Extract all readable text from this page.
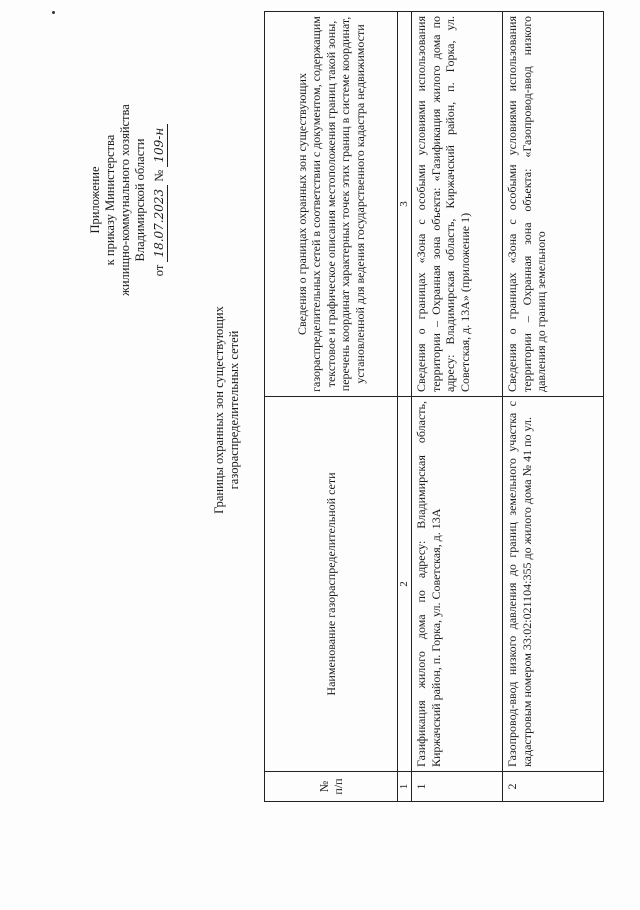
Приложение к приказу Министерства жилищно-коммунального хозяйства Владимирской области
от 18.07.2023 № 109-н
Границы охранных зон существующих газораспределительных сетей
№ п/п	Наименование газораспределительной сети	Сведения о границах охранных зон существующих газораспределительных сетей в соответствии с документом, содержащим текстовое и графическое описания местоположения границ такой зоны, перечень координат характерных точек этих границ в системе координат, установленной для ведения государственного кадастра недвижимости
1	2	3
1	Газификация жилого дома по адресу: Владимирская область, Киржачский район, п. Горка, ул. Советская, д. 13А	Сведения о границах «Зона с особыми условиями использования территории – Охранная зона объекта: «Газификация жилого дома по адресу: Владимирская область, Киржачский район, п. Горка, ул. Советская, д. 13А» (приложение 1)
2	Газопровод-ввод низкого давления до границ земельного участка с кадастровым номером 33:02:021104:355 до жилого дома № 41 по ул.	Сведения о границах «Зона с особыми условиями использования территории – Охранная зона объекта: «Газопровод-ввод низкого давления до границ земельного
